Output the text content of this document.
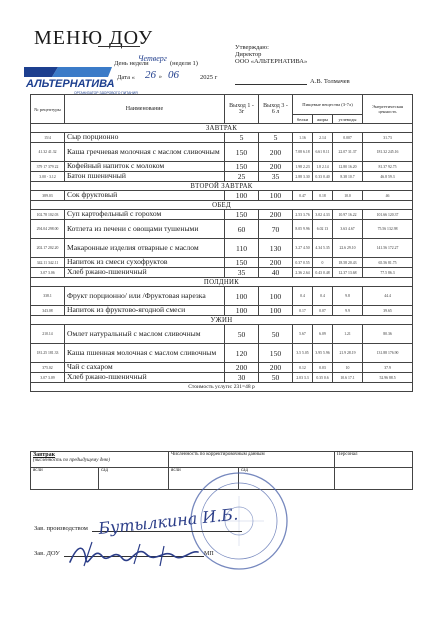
МЕНЮ ДОУ
АЛЬТЕРНАТИВА
ОРГАНИЗАТОР ЗДОРОВОГО ПИТАНИЯ
День недели
Четверг
(неделя 1)
Дата « 26 » 06	2025 г
Утверждаю:
Директор
ООО «АЛЬТЕРНАТИВА»
А.В. Толмачев
№ рецептуры	Наименование	Выход 1 - 3г	Выход 3 - 6 л	Пищевые вещества (3-7л)			Энергетическая ценность
				белки	жиры	углеводы	
ЗАВТРАК							
15/4	Сыр порционно	5	5	1.16	2.14	0.007	31.73
41.32 41.32	Каша гречневая молочная с маслом сливочным	150	200	7.08 6.18	6.61 8.11	22.07 31.37	181.32 245.16
379 17 379 22	Кофейный напиток с молоком	150	200	1.98 2.23	1.8 2.14	12.80 16.20	81.37 92.75
3.00 - 3.12	Батон пшеничный	25	35	2.88 3.30	0.33 0.40	8.38 10.7	46.8 59.3
ВТОРОЙ ЗАВТРАК							
389.03	Сок фруктовый	100	100	0.47	0.18	10.0	46
ОБЕД							
102.78 102.03	Суп картофельный с горохом	150	200	2.53 3.76	3.02 4.33	10.97 16.22	101.66 120.37
294.04 298.00	Котлета из печени с овощами тушеными	60	70	8.05 9.96	6.02 13	3.63 4.67	75.56 132.98
202.17 202.20	Макаронные изделия отварные с маслом	110	130	3.27 4.50	4.34 5.35	22.6 29.10	141.56 172.27
342.11 342.11	Напиток из смеси сухофруктов	150	200	0.37 0.55	0	18.58 20.43	65.56 81.75
3.07 3.06	Хлеб ржано-пшеничный	35	40	2.36 2.64	0.43 0.48	12.37 13.68	77.5 86.3
ПОЛДНИК							
338.1	Фрукт порционно/ или /Фруктовая нарезка	100	100	0.4	0.4	9.8	44.4
343.08	Напиток из фруктово-ягодной смеси	100	100	0.17	0.07	9.9	39.65
УЖИН							
210.14	Омлет натуральный с маслом сливочным	50	50	5.67	6.09	1.21	80.36
181.25 181.33	Каша пшенная молочная с маслом сливочным	120	150	3.5 5.05	3.95 5.96	21.9 28.19	131.88 176.90
375.02	Чай с сахаром	200	200	0.12	0.03	10	37.9
3.07 3.09	Хлеб ржано-пшеничный	30	50	2.03 3.3	0.35 0.6	10.6 17.1	52.96 88.5
Стоимость услуги: 231=48 р							
Завтрак
(численность по предыдущему дню)		Численность по корректировочным данным		Персонал
ясли	сад	ясли	сад	
Зав. производством Бутылкина И.Б.
Зав. ДОУ	МП
